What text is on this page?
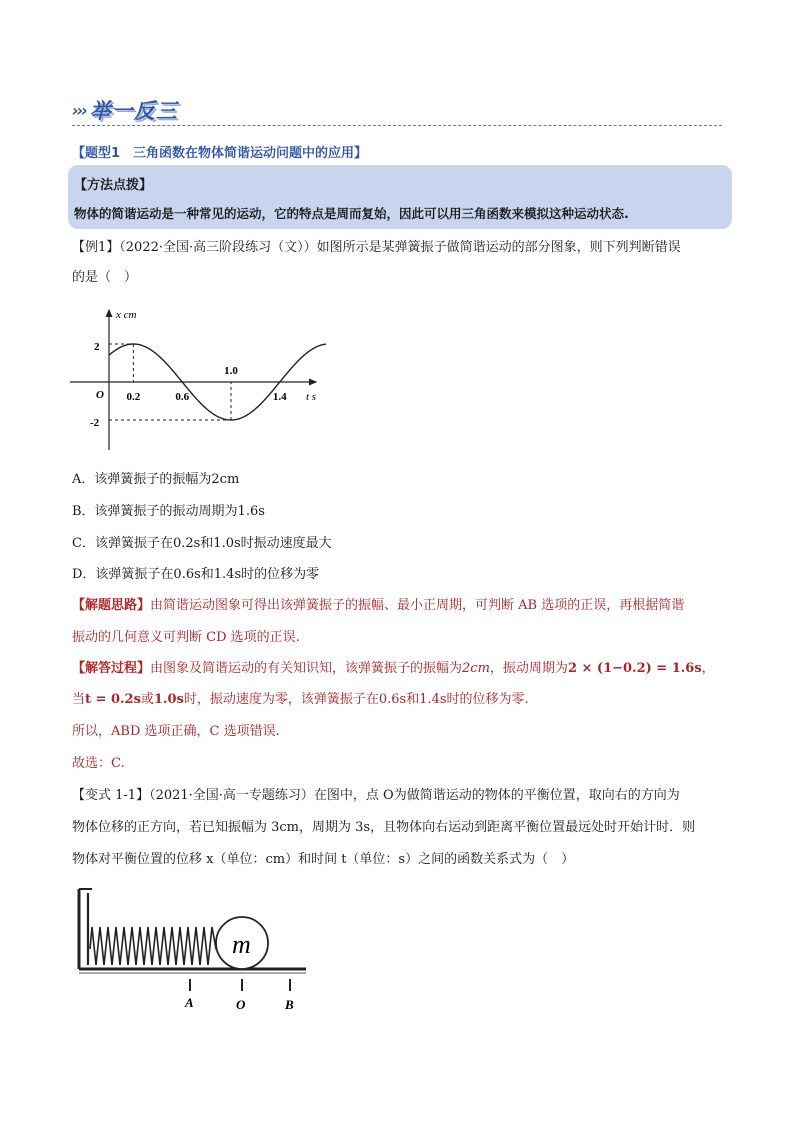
››› 举一反三
【题型1　三角函数在物体简谐运动问题中的应用】
【方法点拨】
物体的简谐运动是一种常见的运动，它的特点是周而复始，因此可以用三角函数来模拟这种运动状态.
【例1】（2022·全国·高三阶段练习（文））如图所示是某弹簧振子做简谐运动的部分图象，则下列判断错误
的是（　）
x cm
t s
O
2
-2
0.2	0.6
1.0
1.4
A．该弹簧振子的振幅为2cm
B．该弹簧振子的振动周期为1.6s
C．该弹簧振子在0.2s和1.0s时振动速度最大
D．该弹簧振子在0.6s和1.4s时的位移为零
【解题思路】由简谐运动图象可得出该弹簧振子的振幅、最小正周期，可判断 AB 选项的正误，再根据简谐
振动的几何意义可判断 CD 选项的正误.
【解答过程】由图象及简谐运动的有关知识知，该弹簧振子的振幅为2cm，振动周期为2 × (1−0.2) = 1.6s，
当t = 0.2s或1.0s时，振动速度为零，该弹簧振子在0.6s和1.4s时的位移为零.
所以，ABD 选项正确，C 选项错误.
故选：C.
【变式 1-1】（2021·全国·高一专题练习）在图中，点 O为做简谐运动的物体的平衡位置，取向右的方向为
物体位移的正方向，若已知振幅为 3cm，周期为 3s，且物体向右运动到距离平衡位置最远处时开始计时．则
物体对平衡位置的位移 x（单位：cm）和时间 t（单位：s）之间的函数关系式为（　）
m
A	O	B
